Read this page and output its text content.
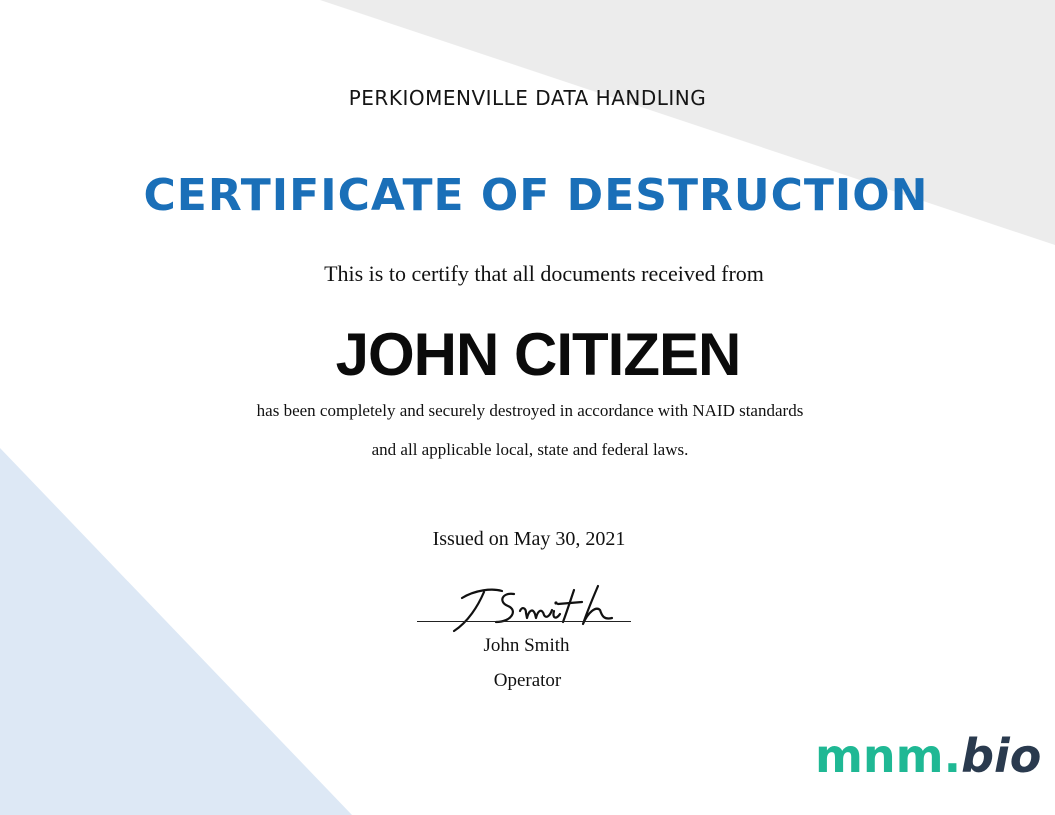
PERKIOMENVILLE DATA HANDLING
CERTIFICATE OF DESTRUCTION
This is to certify that all documents received from
JOHN CITIZEN
has been completely and securely destroyed in accordance with NAID standards
and all applicable local, state and federal laws.
Issued on May 30, 2021
John Smith
Operator
mnm.bio
